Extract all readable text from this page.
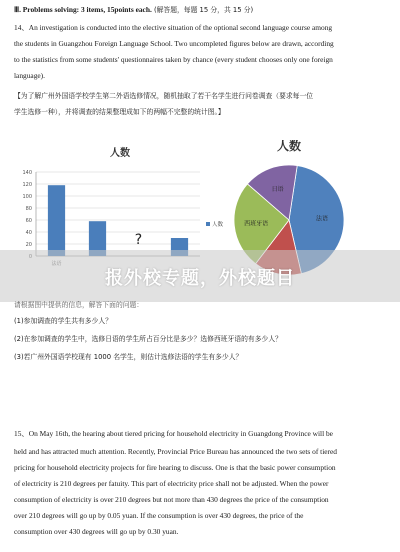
Ⅲ. Problems solving: 3 items, 15points each. (解答题，每题 15 分，共 15 分)
14、An investigation is conducted into the elective situation of the optional second language course among
the students in Guangzhou Foreign Language School. Two uncompleted figures below are drawn, according
to the statistics from some students' questionnaires taken by chance (every student chooses only one foreign
language).
【为了解广州外国语学校学生第二外语选修情况，随机抽取了若干名学生进行问卷调查（要求每一位
学生选修一种），并将调查的结果整理成如下的两幅不完整的统计图。】
人数
140
120
100
80
60
40
20	?
人数
人数
法语
西班牙语
日语
报外校专题，外校题目
请根据图中提供的信息，解答下面的问题：
(1)参加调查的学生共有多少人？
(2)在参加调查的学生中，选修日语的学生所占百分比是多少？选修西班牙语的有多少人？
(3)若广州外国语学校现有 1000 名学生，则估计选修法语的学生有多少人？
15、On May 16th, the hearing about tiered pricing for household electricity in Guangdong Province will be
held and has attracted much attention. Recently, Provincial Price Bureau has announced the two sets of tiered
pricing for household electricity projects for fire hearing to discuss. One is that the basic power consumption
of electricity is 210 degrees per fatuity. This part of electricity price shall not be adjusted. When the power
consumption of electricity is over 210 degrees but not more than 430 degrees the price of the consumption
over 210 degrees will go up by 0.05 yuan. If the consumption is over 430 degrees, the price of the
consumption over 430 degrees will go up by 0.30 yuan.
